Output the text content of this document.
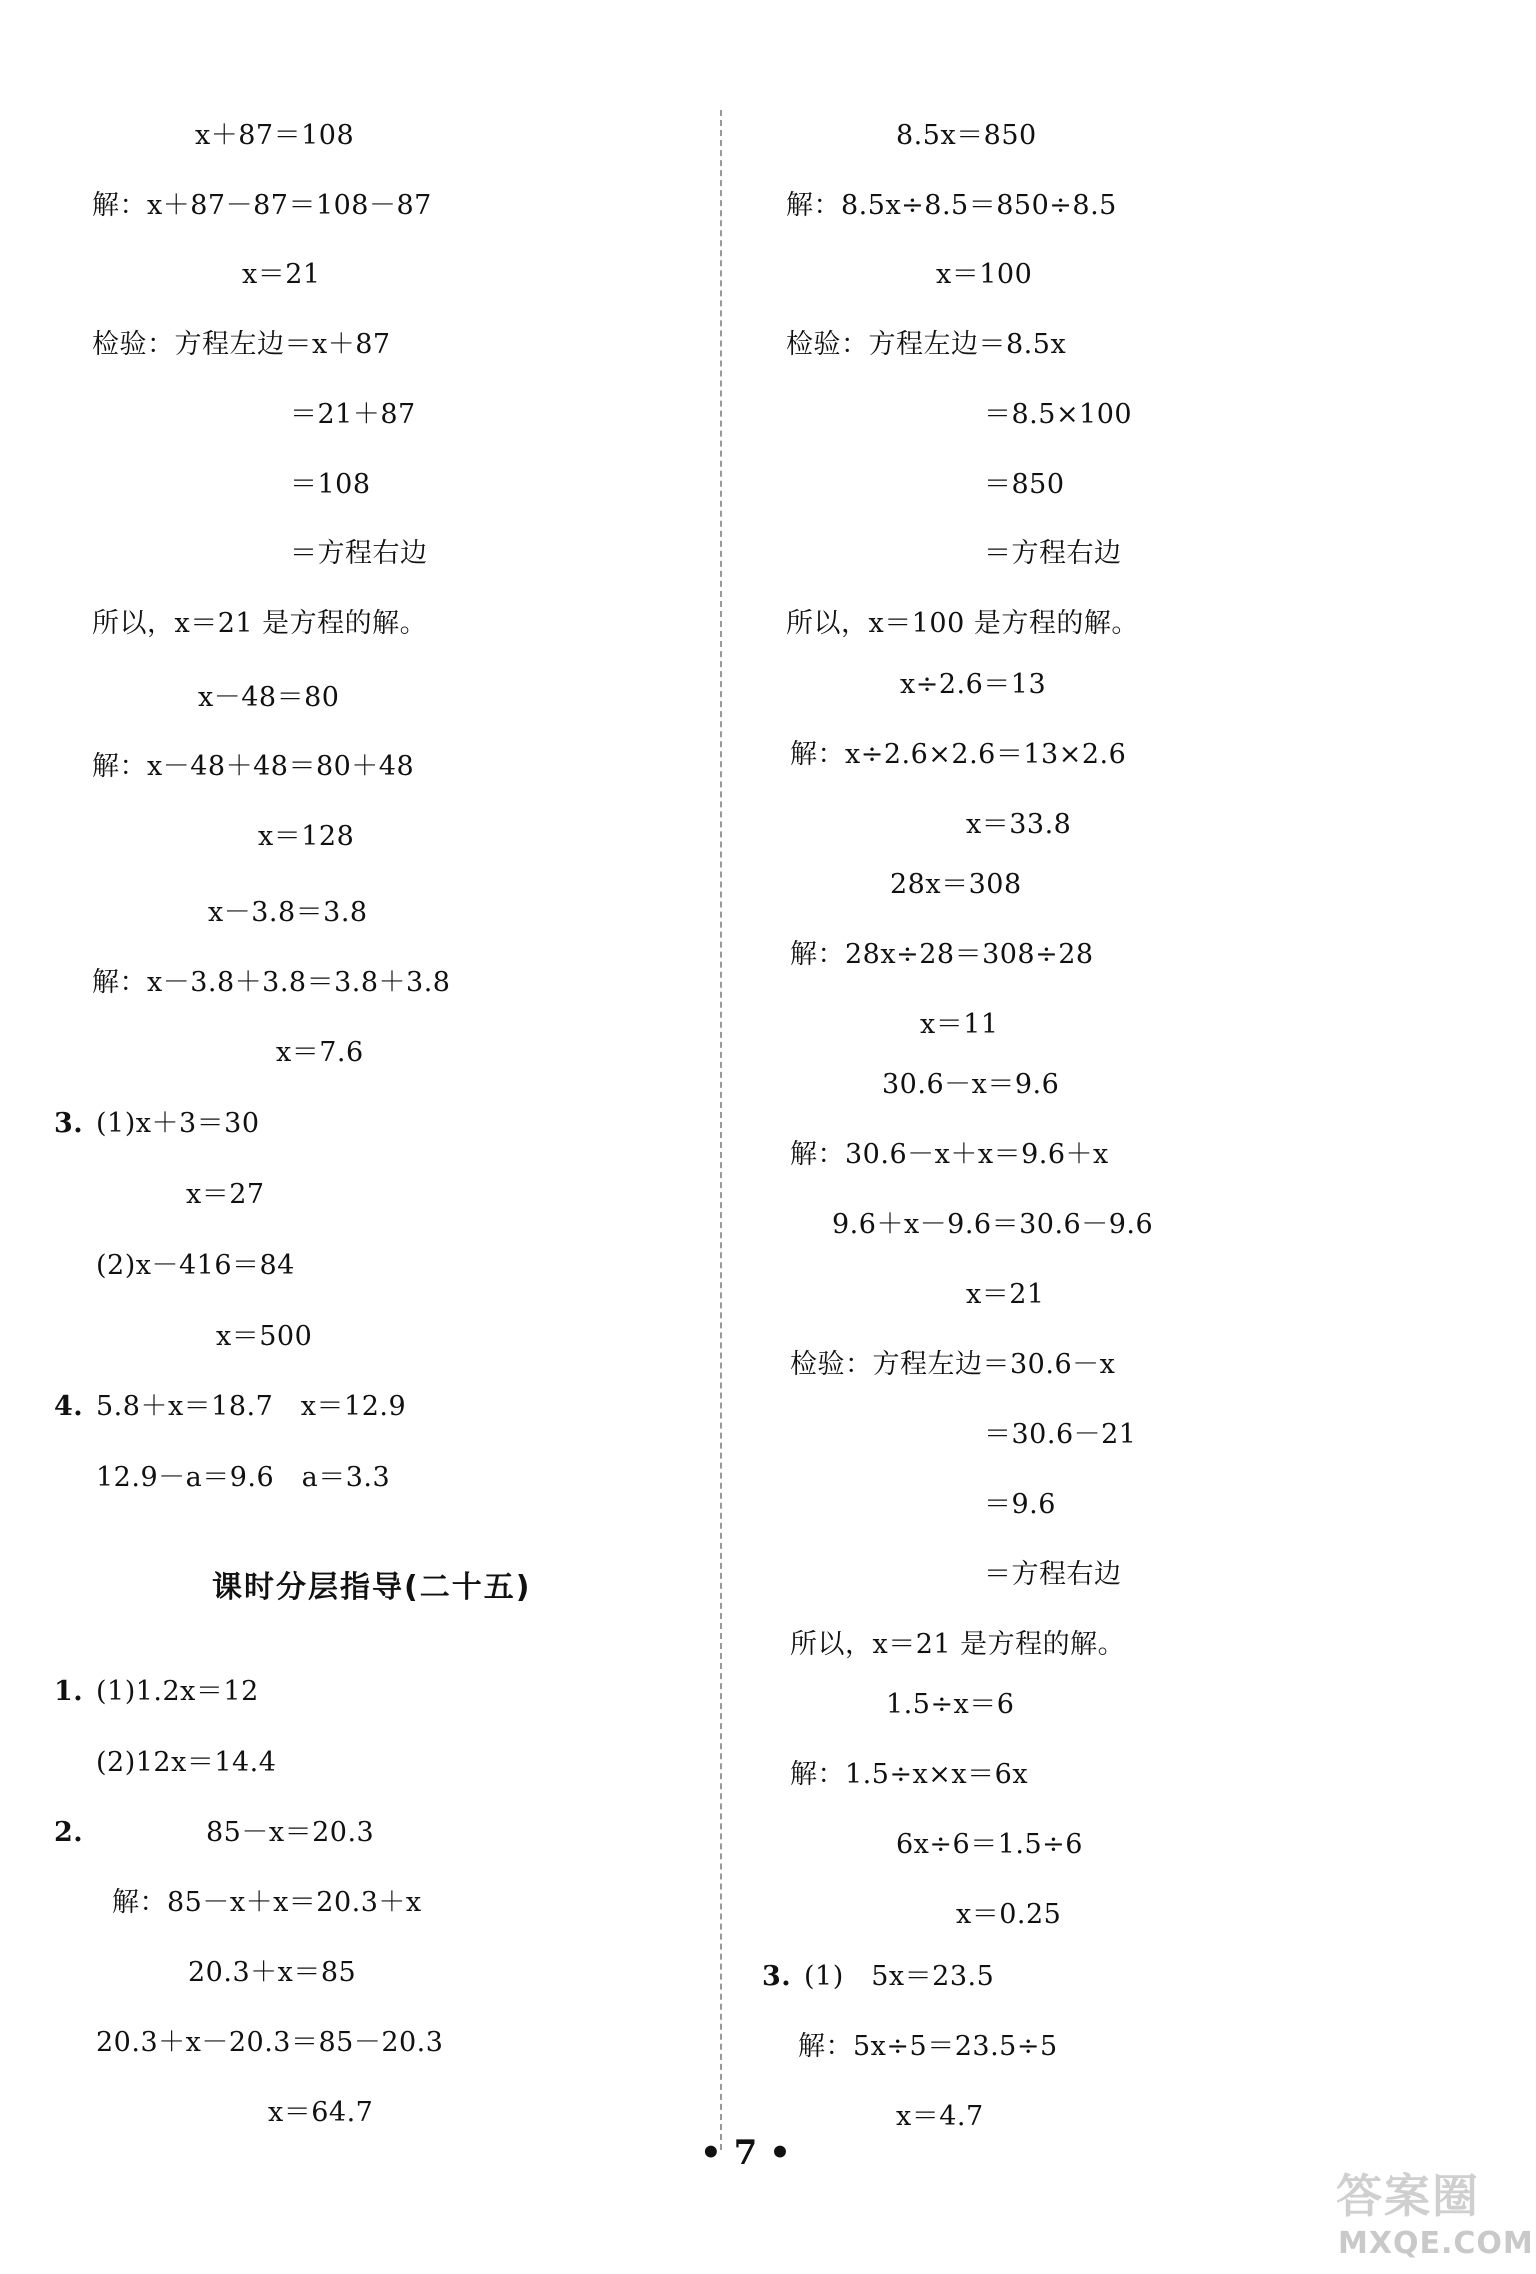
x＋87＝108
解：x＋87－87＝108－87
x＝21
检验：方程左边＝x＋87
＝21＋87
＝108
＝方程右边
所以，x＝21 是方程的解。
x－48＝80
解：x－48＋48＝80＋48
x＝128
x－3.8＝3.8
解：x－3.8＋3.8＝3.8＋3.8
x＝7.6
3. (1)x＋3＝30
x＝27
(2)x－416＝84
x＝500
4. 5.8＋x＝18.7　x＝12.9
12.9－a＝9.6　a＝3.3
课时分层指导(二十五)
1. (1)1.2x＝12
(2)12x＝14.4
2.	85－x＝20.3
解：85－x＋x＝20.3＋x
20.3＋x＝85
20.3＋x－20.3＝85－20.3
x＝64.7
8.5x＝850
解：8.5x÷8.5＝850÷8.5
x＝100
检验：方程左边＝8.5x
＝8.5×100
＝850
＝方程右边
所以，x＝100 是方程的解。
x÷2.6＝13
解：x÷2.6×2.6＝13×2.6
x＝33.8
28x＝308
解：28x÷28＝308÷28
x＝11
30.6－x＝9.6
解：30.6－x＋x＝9.6＋x
9.6＋x－9.6＝30.6－9.6
x＝21
检验：方程左边＝30.6－x
＝30.6－21
＝9.6
＝方程右边
所以，x＝21 是方程的解。
1.5÷x＝6
解：1.5÷x×x＝6x
6x÷6＝1.5÷6
x＝0.25
3. (1)　5x＝23.5
解：5x÷5＝23.5÷5
x＝4.7
• 7 •
答案圈
MXQE.COM
